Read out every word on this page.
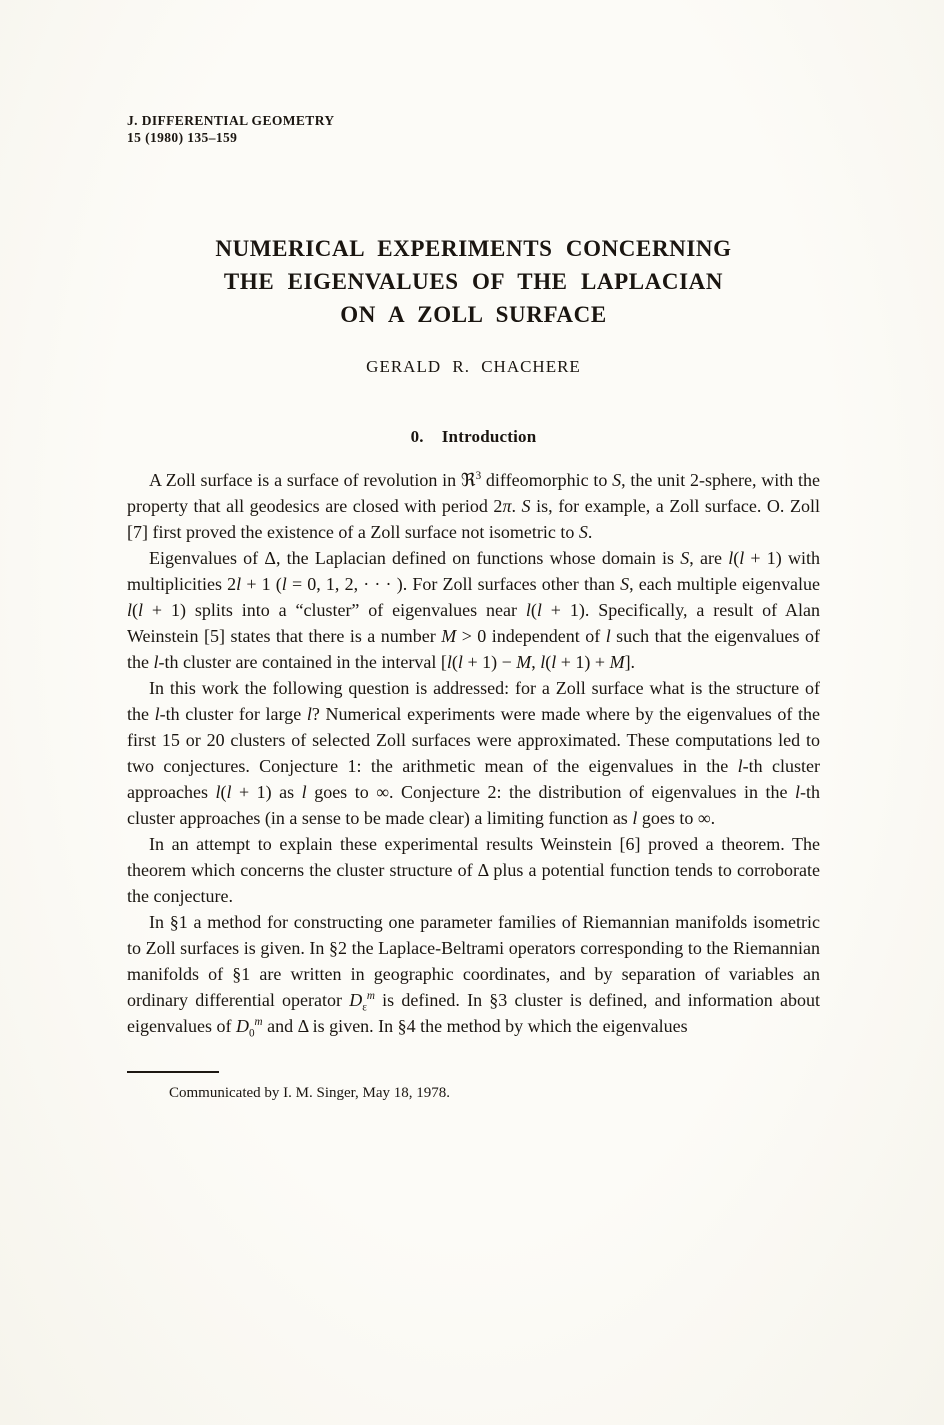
J. DIFFERENTIAL GEOMETRY
15 (1980) 135–159
NUMERICAL EXPERIMENTS CONCERNING
THE EIGENVALUES OF THE LAPLACIAN
ON A ZOLL SURFACE
GERALD R. CHACHERE
0. Introduction

A Zoll surface is a surface of revolution in ℜ$^3$ diffeomorphic to S, the unit 2-sphere, with the property that all geodesics are closed with period 2π. S is, for example, a Zoll surface. O. Zoll [7] first proved the existence of a Zoll surface not isometric to S.

Eigenvalues of Δ, the Laplacian defined on functions whose domain is S, are l(l + 1) with multiplicities 2l + 1 (l = 0, 1, 2, · · · ). For Zoll surfaces other than S, each multiple eigenvalue l(l + 1) splits into a “cluster” of eigenvalues near l(l + 1). Specifically, a result of Alan Weinstein [5] states that there is a number M > 0 independent of l such that the eigenvalues of the l-th cluster are contained in the interval [l(l + 1) − M, l(l + 1) + M].

In this work the following question is addressed: for a Zoll surface what is the structure of the l-th cluster for large l? Numerical experiments were made where by the eigenvalues of the first 15 or 20 clusters of selected Zoll surfaces were approximated. These computations led to two conjectures. Conjecture 1: the arithmetic mean of the eigenvalues in the l-th cluster approaches l(l + 1) as l goes to ∞. Conjecture 2: the distribution of eigenvalues in the l-th cluster approaches (in a sense to be made clear) a limiting function as l goes to ∞.

In an attempt to explain these experimental results Weinstein [6] proved a theorem. The theorem which concerns the cluster structure of Δ plus a potential function tends to corroborate the conjecture.

In §1 a method for constructing one parameter families of Riemannian manifolds isometric to Zoll surfaces is given. In §2 the Laplace-Beltrami operators corresponding to the Riemannian manifolds of §1 are written in geographic coordinates, and by separation of variables an ordinary differential operator $D_\varepsilon^m$ is defined. In §3 cluster is defined, and information about eigenvalues of $D_0^m$ and Δ is given. In §4 the method by which the eigenvalues

Communicated by I. M. Singer, May 18, 1978.
